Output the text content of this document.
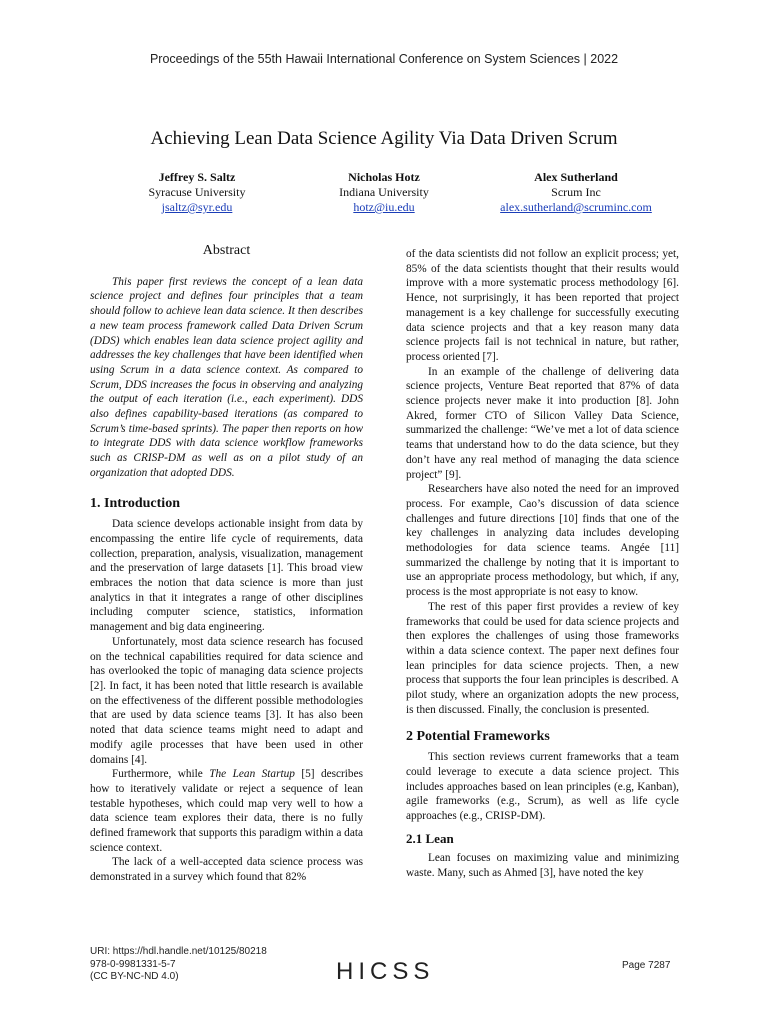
Proceedings of the 55th Hawaii International Conference on System Sciences | 2022
Achieving Lean Data Science Agility Via Data Driven Scrum
Jeffrey S. Saltz
Syracuse University
jsaltz@syr.edu
Nicholas Hotz
Indiana University
hotz@iu.edu
Alex Sutherland
Scrum Inc
alex.sutherland@scruminc.com
Abstract

This paper first reviews the concept of a lean data science project and defines four principles that a team should follow to achieve lean data science. It then describes a new team process framework called Data Driven Scrum (DDS) which enables lean data science project agility and addresses the key challenges that have been identified when using Scrum in a data science context. As compared to Scrum, DDS increases the focus in observing and analyzing the output of each iteration (i.e., each experiment). DDS also defines capability-based iterations (as compared to Scrum’s time-based sprints). The paper then reports on how to integrate DDS with data science workflow frameworks such as CRISP-DM as well as on a pilot study of an organization that adopted DDS.

1. Introduction

Data science develops actionable insight from data by encompassing the entire life cycle of requirements, data collection, preparation, analysis, visualization, management and the preservation of large datasets [1]. This broad view embraces the notion that data science is more than just analytics in that it integrates a range of other disciplines including computer science, statistics, information management and big data engineering.

Unfortunately, most data science research has focused on the technical capabilities required for data science and has overlooked the topic of managing data science projects [2]. In fact, it has been noted that little research is available on the effectiveness of the different possible methodologies that are used by data science teams [3]. It has also been noted that data science teams might need to adapt and modify agile processes that have been used in other domains [4].

Furthermore, while The Lean Startup [5] describes how to iteratively validate or reject a sequence of lean testable hypotheses, which could map very well to how a data science team explores their data, there is no fully defined framework that supports this paradigm within a data science context.

The lack of a well-accepted data science process was demonstrated in a survey which found that 82%

of the data scientists did not follow an explicit process; yet, 85% of the data scientists thought that their results would improve with a more systematic process methodology [6]. Hence, not surprisingly, it has been reported that project management is a key challenge for successfully executing data science projects and that a key reason many data science projects fail is not technical in nature, but rather, process oriented [7].

In an example of the challenge of delivering data science projects, Venture Beat reported that 87% of data science projects never make it into production [8]. John Akred, former CTO of Silicon Valley Data Science, summarized the challenge: “We’ve met a lot of data science teams that understand how to do the data science, but they don’t have any real method of managing the data science project” [9].

Researchers have also noted the need for an improved process. For example, Cao’s discussion of data science challenges and future directions [10] finds that one of the key challenges in analyzing data includes developing methodologies for data science teams. Angée [11] summarized the challenge by noting that it is important to use an appropriate process methodology, but which, if any, process is the most appropriate is not easy to know.

The rest of this paper first provides a review of key frameworks that could be used for data science projects and then explores the challenges of using those frameworks within a data science context. The paper next defines four lean principles for data science projects. Then, a new process that supports the four lean principles is described. A pilot study, where an organization adopts the new process, is then discussed. Finally, the conclusion is presented.

2 Potential Frameworks

This section reviews current frameworks that a team could leverage to execute a data science project. This includes approaches based on lean principles (e.g, Kanban), agile frameworks (e.g., Scrum), as well as life cycle approaches (e.g., CRISP-DM).

2.1 Lean

Lean focuses on maximizing value and minimizing waste. Many, such as Ahmed [3], have noted the key

URI: https://hdl.handle.net/10125/80218
978-0-9981331-5-7
(CC BY-NC-ND 4.0)	HICSS	Page 7287
